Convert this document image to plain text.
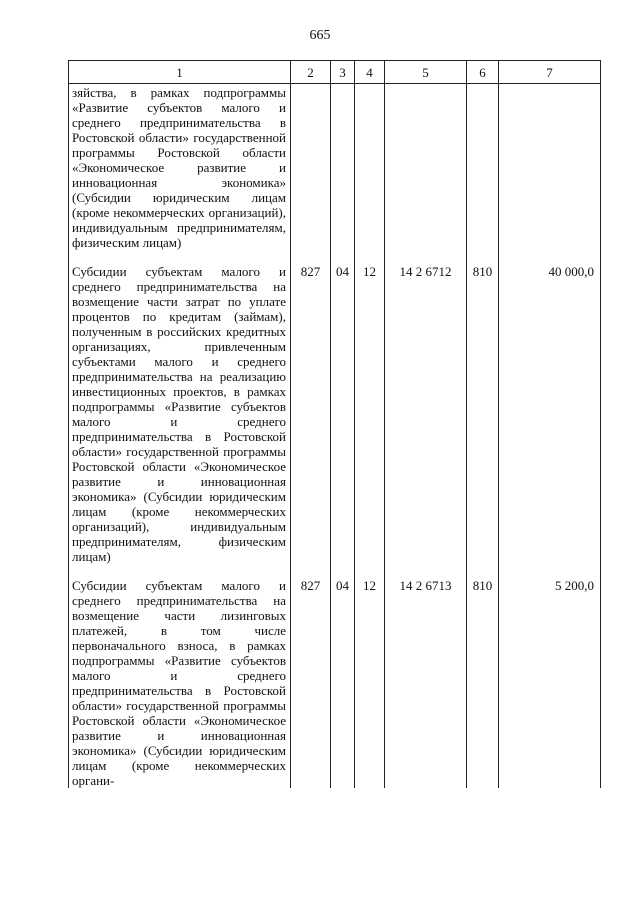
665
1	2	3	4	5	6	7
зяйства, в рамках подпрограммы «Развитие субъектов малого и среднего предпринимательства в Ростовской области» государственной программы Ростовской области «Экономическое развитие и инновационная экономика» (Субсидии юридическим лицам (кроме некоммерческих организаций), индивидуальным предпринимателям, физическим лицам)						

Субсидии субъектам малого и среднего предпринимательства на возмещение части затрат по уплате процентов по кредитам (займам), полученным в российских кредитных организациях, привлеченным субъектами малого и среднего предпринимательства на реализацию инвестиционных проектов, в рамках подпрограммы «Развитие субъектов малого и среднего предпринимательства в Ростовской области» государственной программы Ростовской области «Экономическое развитие и инновационная экономика» (Субсидии юридическим лицам (кроме некоммерческих организаций), индивидуальным предпринимателям, физическим лицам)	827	04	12	14 2 6712	810	40 000,0

Субсидии субъектам малого и среднего предпринимательства на возмещение части лизинговых платежей, в том числе первоначального взноса, в рамках подпрограммы «Развитие субъектов малого и среднего предпринимательства в Ростовской области» государственной программы Ростовской области «Экономическое развитие и инновационная экономика» (Субсидии юридическим лицам (кроме некоммерческих органи-	827	04	12	14 2 6713	810	5 200,0
